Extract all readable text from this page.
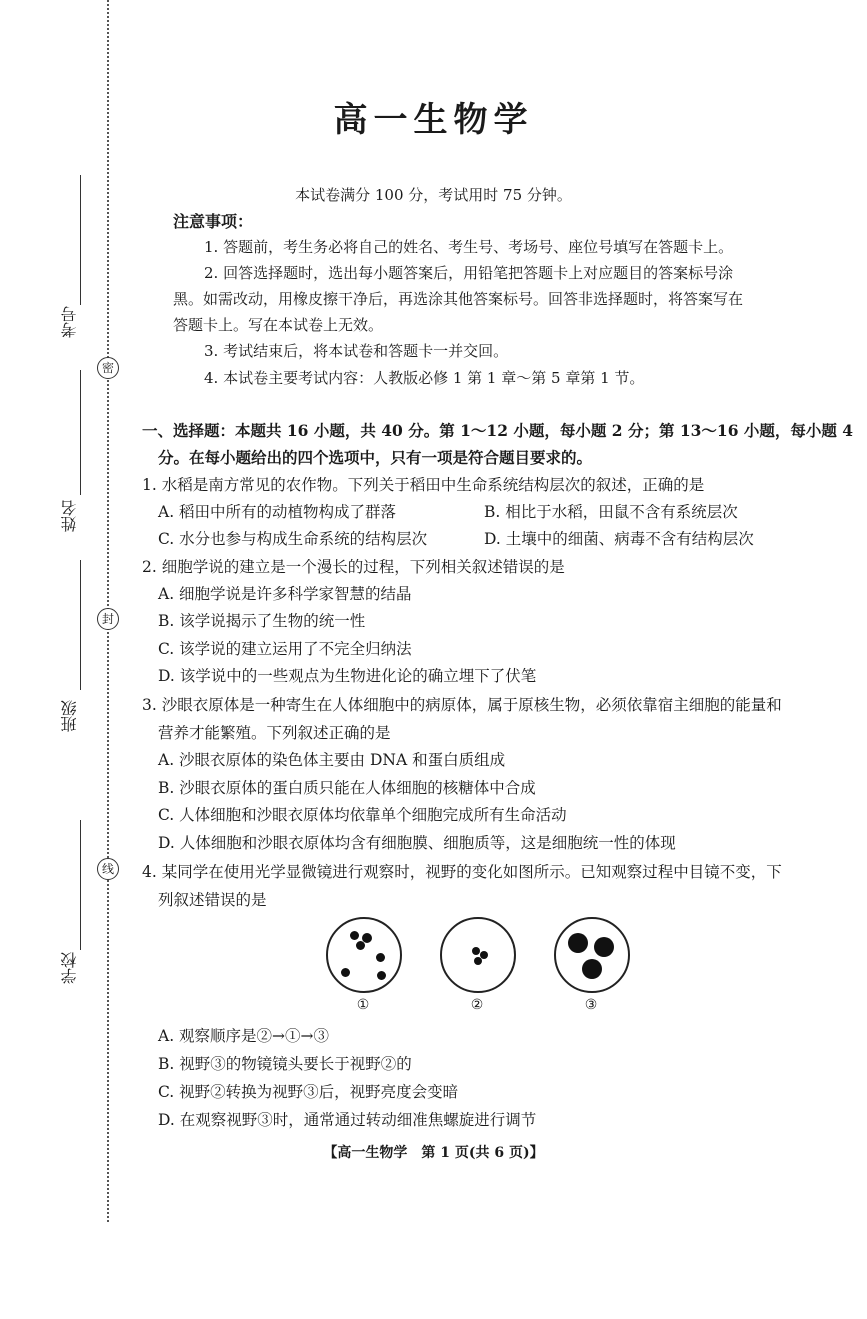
密
封
线
考号
姓名
班级
学校
高一生物学
本试卷满分 100 分，考试用时 75 分钟。
注意事项：
1. 答题前，考生务必将自己的姓名、考生号、考场号、座位号填写在答题卡上。
2. 回答选择题时，选出每小题答案后，用铅笔把答题卡上对应题目的答案标号涂
黑。如需改动，用橡皮擦干净后，再选涂其他答案标号。回答非选择题时，将答案写在
答题卡上。写在本试卷上无效。
3. 考试结束后，将本试卷和答题卡一并交回。
4. 本试卷主要考试内容：人教版必修 1 第 1 章～第 5 章第 1 节。
一、选择题：本题共 16 小题，共 40 分。第 1～12 小题，每小题 2 分；第 13～16 小题，每小题 4
分。在每小题给出的四个选项中，只有一项是符合题目要求的。
1. 水稻是南方常见的农作物。下列关于稻田中生命系统结构层次的叙述，正确的是
A. 稻田中所有的动植物构成了群落	B. 相比于水稻，田鼠不含有系统层次
C. 水分也参与构成生命系统的结构层次	D. 土壤中的细菌、病毒不含有结构层次
2. 细胞学说的建立是一个漫长的过程，下列相关叙述错误的是
A. 细胞学说是许多科学家智慧的结晶
B. 该学说揭示了生物的统一性
C. 该学说的建立运用了不完全归纳法
D. 该学说中的一些观点为生物进化论的确立埋下了伏笔
3. 沙眼衣原体是一种寄生在人体细胞中的病原体，属于原核生物，必须依靠宿主细胞的能量和
营养才能繁殖。下列叙述正确的是
A. 沙眼衣原体的染色体主要由 DNA 和蛋白质组成
B. 沙眼衣原体的蛋白质只能在人体细胞的核糖体中合成
C. 人体细胞和沙眼衣原体均依靠单个细胞完成所有生命活动
D. 人体细胞和沙眼衣原体均含有细胞膜、细胞质等，这是细胞统一性的体现
4. 某同学在使用光学显微镜进行观察时，视野的变化如图所示。已知观察过程中目镜不变，下
列叙述错误的是
①	②	③
A. 观察顺序是②→①→③
B. 视野③的物镜镜头要长于视野②的
C. 视野②转换为视野③后，视野亮度会变暗
D. 在观察视野③时，通常通过转动细准焦螺旋进行调节
【高一生物学　第 1 页(共 6 页)】
